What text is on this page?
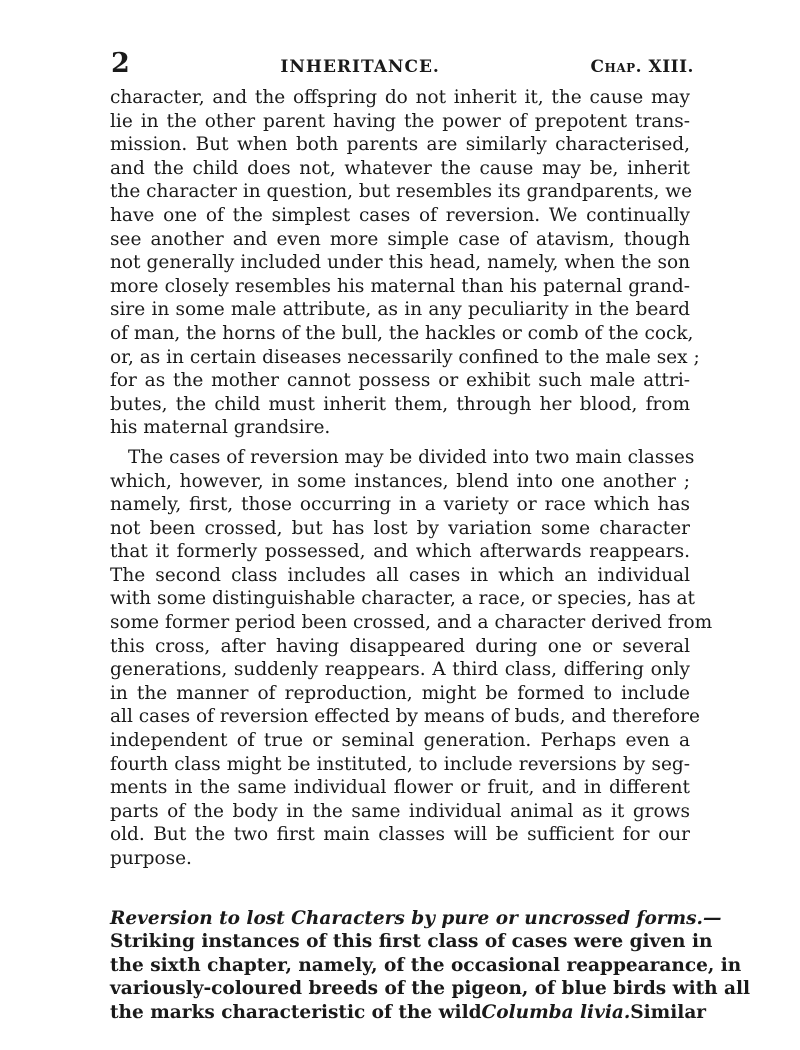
2	INHERITANCE.	Chap. XIII.
character, and the offspring do not inherit it, the cause may
lie in the other parent having the power of prepotent trans-
mission. But when both parents are similarly characterised,
and the child does not, whatever the cause may be, inherit
the character in question, but resembles its grandparents, we
have one of the simplest cases of reversion. We continually
see another and even more simple case of atavism, though
not generally included under this head, namely, when the son
more closely resembles his maternal than his paternal grand-
sire in some male attribute, as in any peculiarity in the beard
of man, the horns of the bull, the hackles or comb of the cock,
or, as in certain diseases necessarily confined to the male sex ;
for as the mother cannot possess or exhibit such male attri-
butes, the child must inherit them, through her blood, from
his maternal grandsire.
The cases of reversion may be divided into two main classes
which, however, in some instances, blend into one another ;
namely, first, those occurring in a variety or race which has
not been crossed, but has lost by variation some character
that it formerly possessed, and which afterwards reappears.
The second class includes all cases in which an individual
with some distinguishable character, a race, or species, has at
some former period been crossed, and a character derived from
this cross, after having disappeared during one or several
generations, suddenly reappears. A third class, differing only
in the manner of reproduction, might be formed to include
all cases of reversion effected by means of buds, and therefore
independent of true or seminal generation. Perhaps even a
fourth class might be instituted, to include reversions by seg-
ments in the same individual flower or fruit, and in different
parts of the body in the same individual animal as it grows
old. But the two first main classes will be sufficient for our
purpose.
Reversion to lost Characters by pure or uncrossed forms.—
Striking instances of this first class of cases were given in
the sixth chapter, namely, of the occasional reappearance, in
variously-coloured breeds of the pigeon, of blue birds with all
the marks characteristic of the wild Columba livia. Similar
